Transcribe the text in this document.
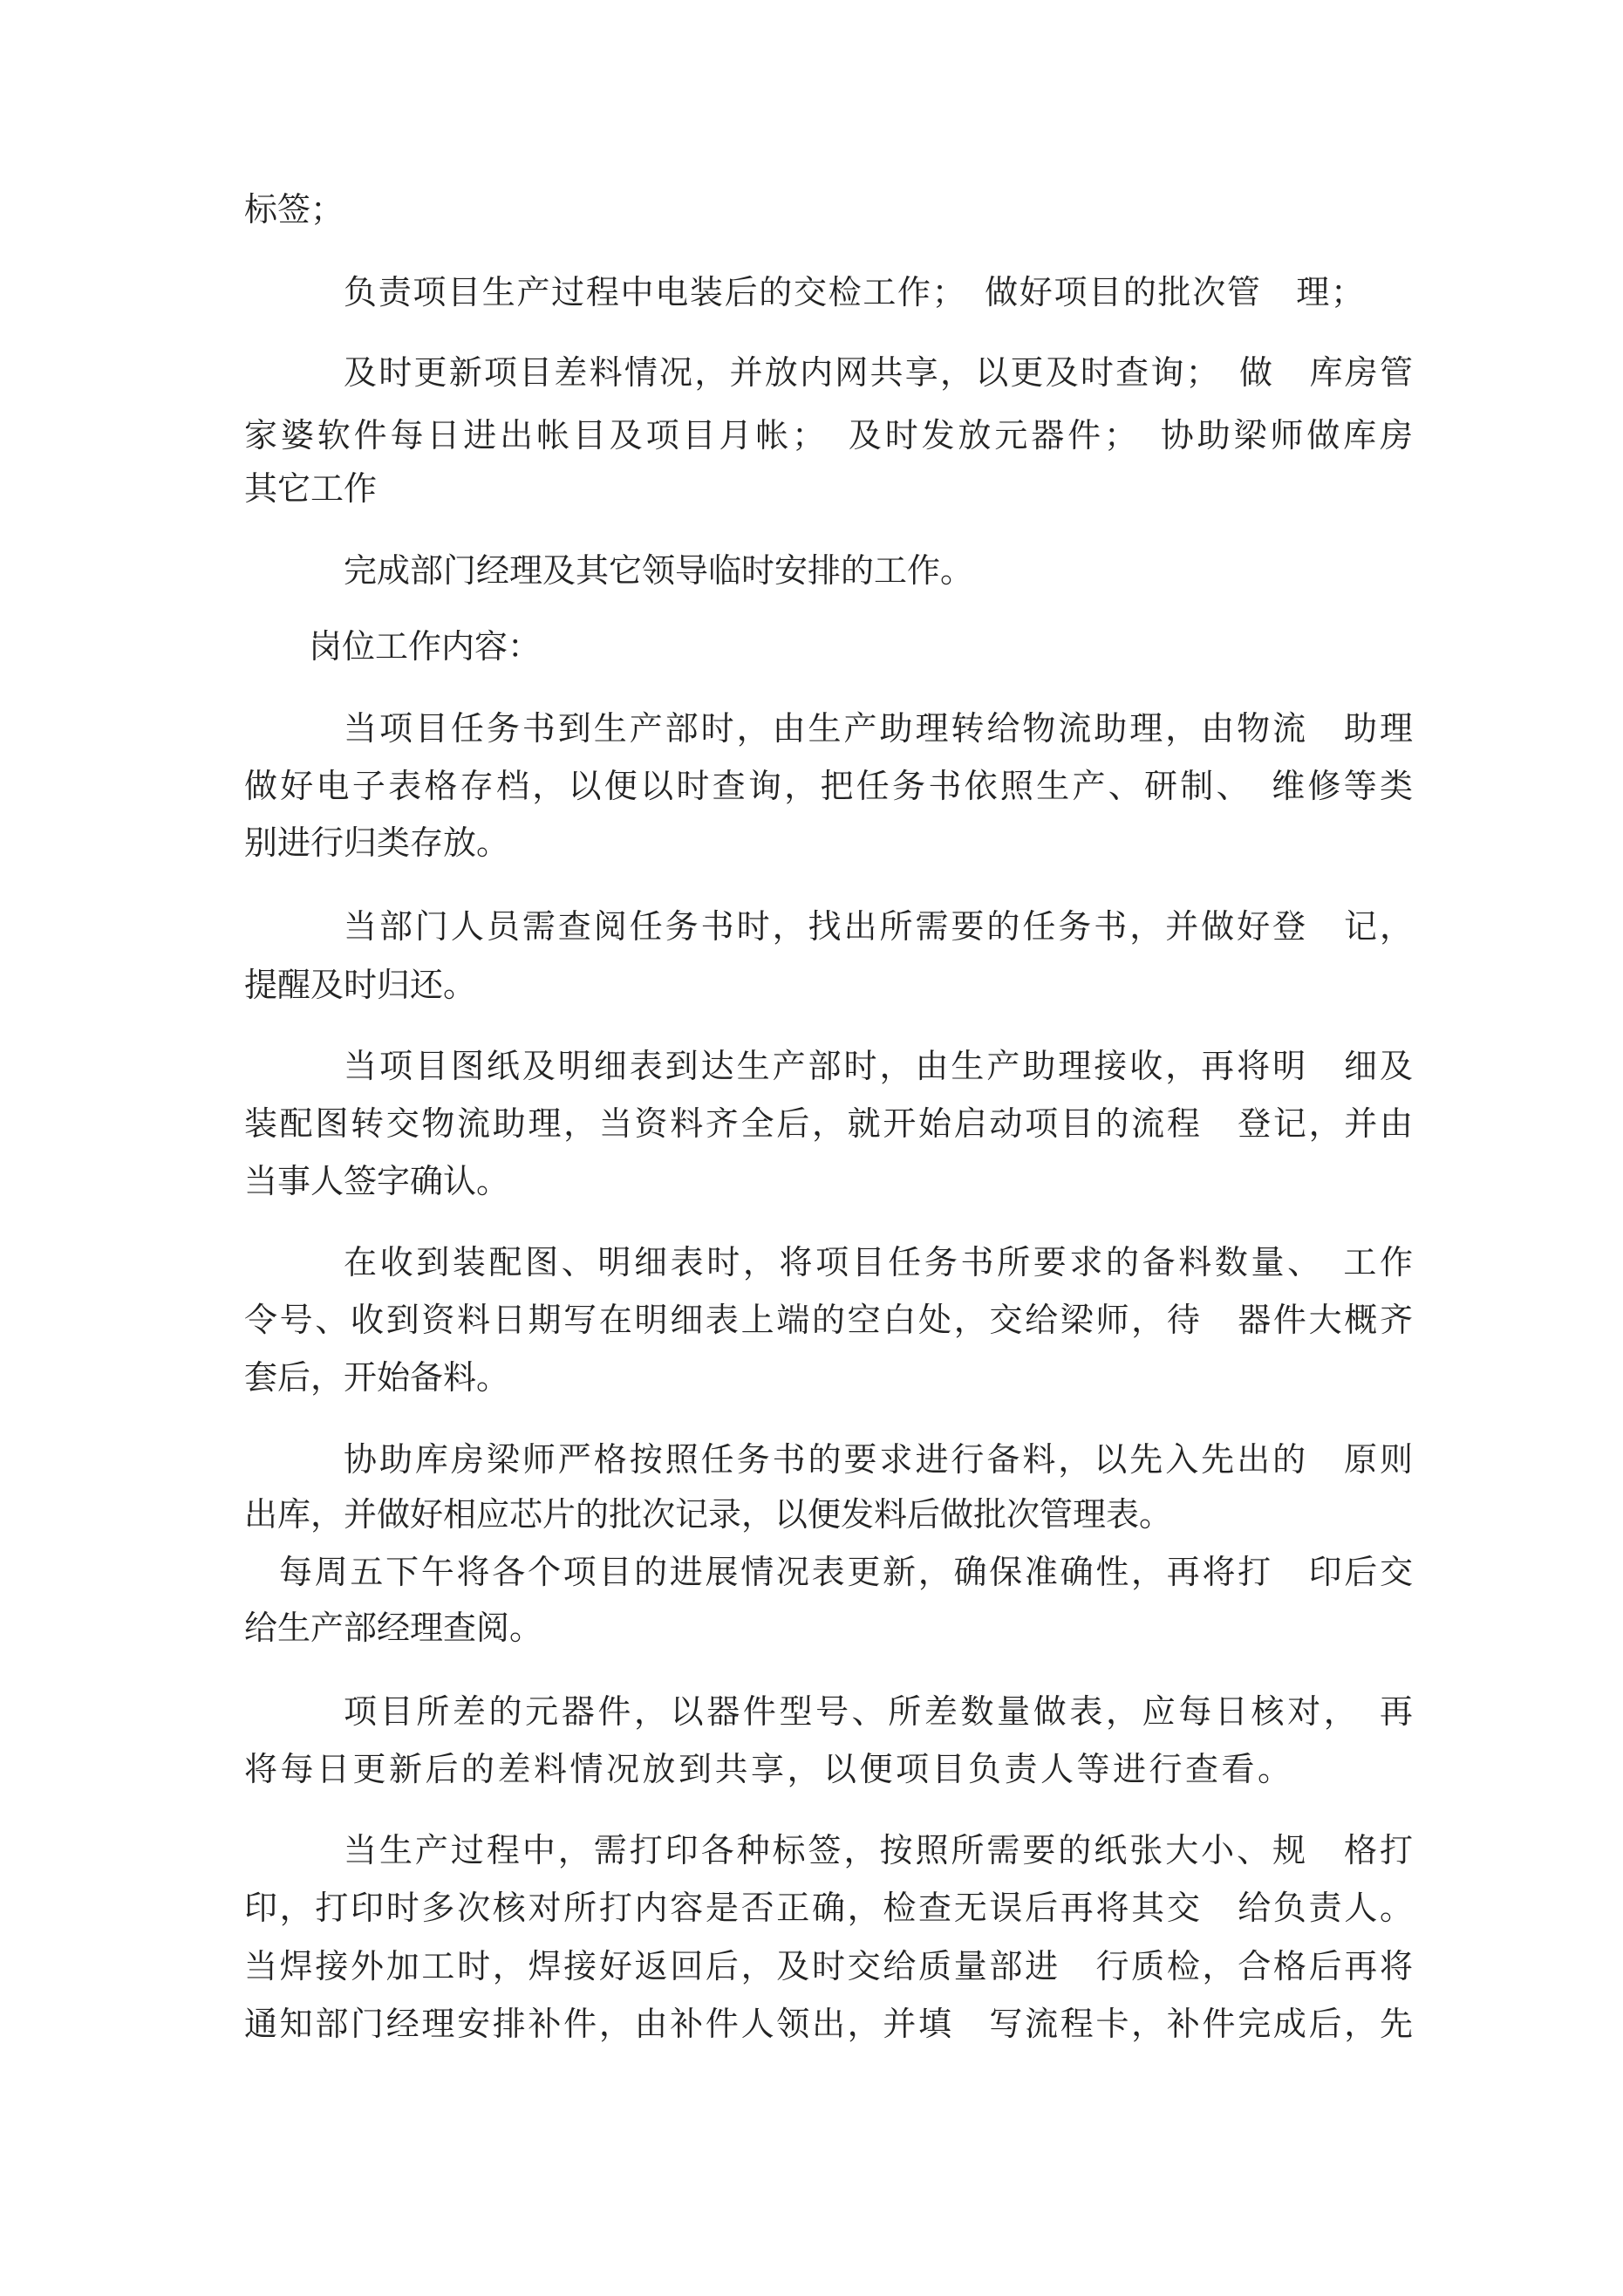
标签；

负责项目生产过程中电装后的交检工作；　做好项目的批次管　理；

及时更新项目差料情况，并放内网共享，以更及时查询；　做　库房管

家婆软件每日进出帐目及项目月帐；　及时发放元器件；　协助梁师做库房

其它工作

完成部门经理及其它领导临时安排的工作。

岗位工作内容：

当项目任务书到生产部时，由生产助理转给物流助理，由物流　助理

做好电子表格存档，以便以时查询，把任务书依照生产、研制、　维修等类

别进行归类存放。

当部门人员需查阅任务书时，找出所需要的任务书，并做好登　记，

提醒及时归还。

当项目图纸及明细表到达生产部时，由生产助理接收，再将明　细及

装配图转交物流助理，当资料齐全后，就开始启动项目的流程　登记，并由

当事人签字确认。

在收到装配图、明细表时，将项目任务书所要求的备料数量、　工作

令号、收到资料日期写在明细表上端的空白处，交给梁师，待　器件大概齐

套后，开始备料。

协助库房梁师严格按照任务书的要求进行备料，以先入先出的　原则

出库，并做好相应芯片的批次记录，以便发料后做批次管理表。

每周五下午将各个项目的进展情况表更新，确保准确性，再将打　印后交

给生产部经理查阅。

项目所差的元器件，以器件型号、所差数量做表，应每日核对，　再

将每日更新后的差料情况放到共享，以便项目负责人等进行查看。

当生产过程中，需打印各种标签，按照所需要的纸张大小、规　格打

印，打印时多次核对所打内容是否正确，检查无误后再将其交　给负责人。

当焊接外加工时，焊接好返回后，及时交给质量部进　行质检，合格后再将

通知部门经理安排补件，由补件人领出，并填　写流程卡，补件完成后，先
